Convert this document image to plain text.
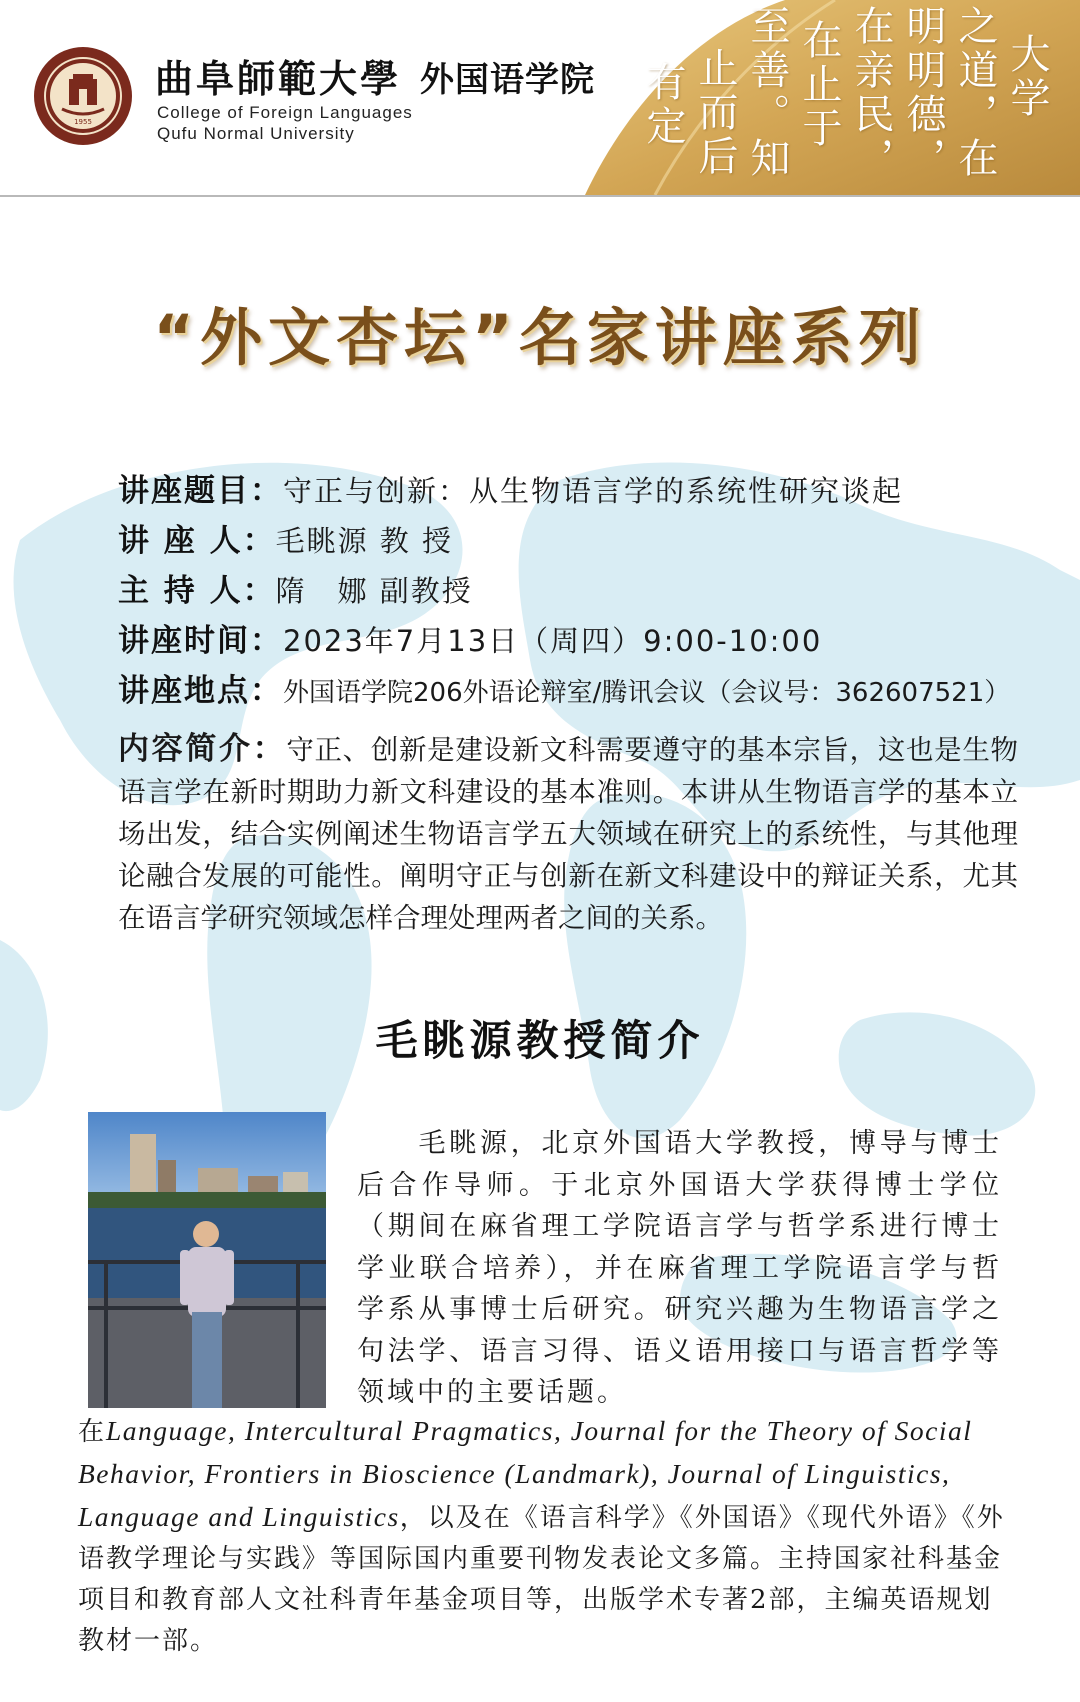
1955
曲阜師範大學 外国语学院
College of Foreign Languages
Qufu Normal University
大学
之道，在
明明德，
在亲民，
在止于
至善。知
止而后
有定
“外文杏坛”名家讲座系列
讲座题目：守正与创新：从生物语言学的系统性研究谈起
讲 座 人：毛眺源 教 授
主 持 人：隋　娜 副教授
讲座时间：2023年7月13日（周四）9:00-10:00
讲座地点：外国语学院206外语论辩室/腾讯会议（会议号：362607521）
内容简介：守正、创新是建设新文科需要遵守的基本宗旨，这也是生物语言学在新时期助力新文科建设的基本准则。本讲从生物语言学的基本立场出发，结合实例阐述生物语言学五大领域在研究上的系统性，与其他理论融合发展的可能性。阐明守正与创新在新文科建设中的辩证关系，尤其在语言学研究领域怎样合理处理两者之间的关系。
毛眺源教授简介
　　毛眺源，北京外国语大学教授，博导与博士后合作导师。于北京外国语大学获得博士学位（期间在麻省理工学院语言学与哲学系进行博士学业联合培养），并在麻省理工学院语言学与哲学系从事博士后研究。研究兴趣为生物语言学之句法学、语言习得、语义语用接口与语言哲学等领域中的主要话题。
在Language, Intercultural Pragmatics, Journal for the Theory of Social Behavior, Frontiers in Bioscience (Landmark), Journal of Linguistics, Language and Linguistics，以及在《语言科学》《外国语》《现代外语》《外语教学理论与实践》等国际国内重要刊物发表论文多篇。主持国家社科基金项目和教育部人文社科青年基金项目等，出版学术专著2部，主编英语规划教材一部。
